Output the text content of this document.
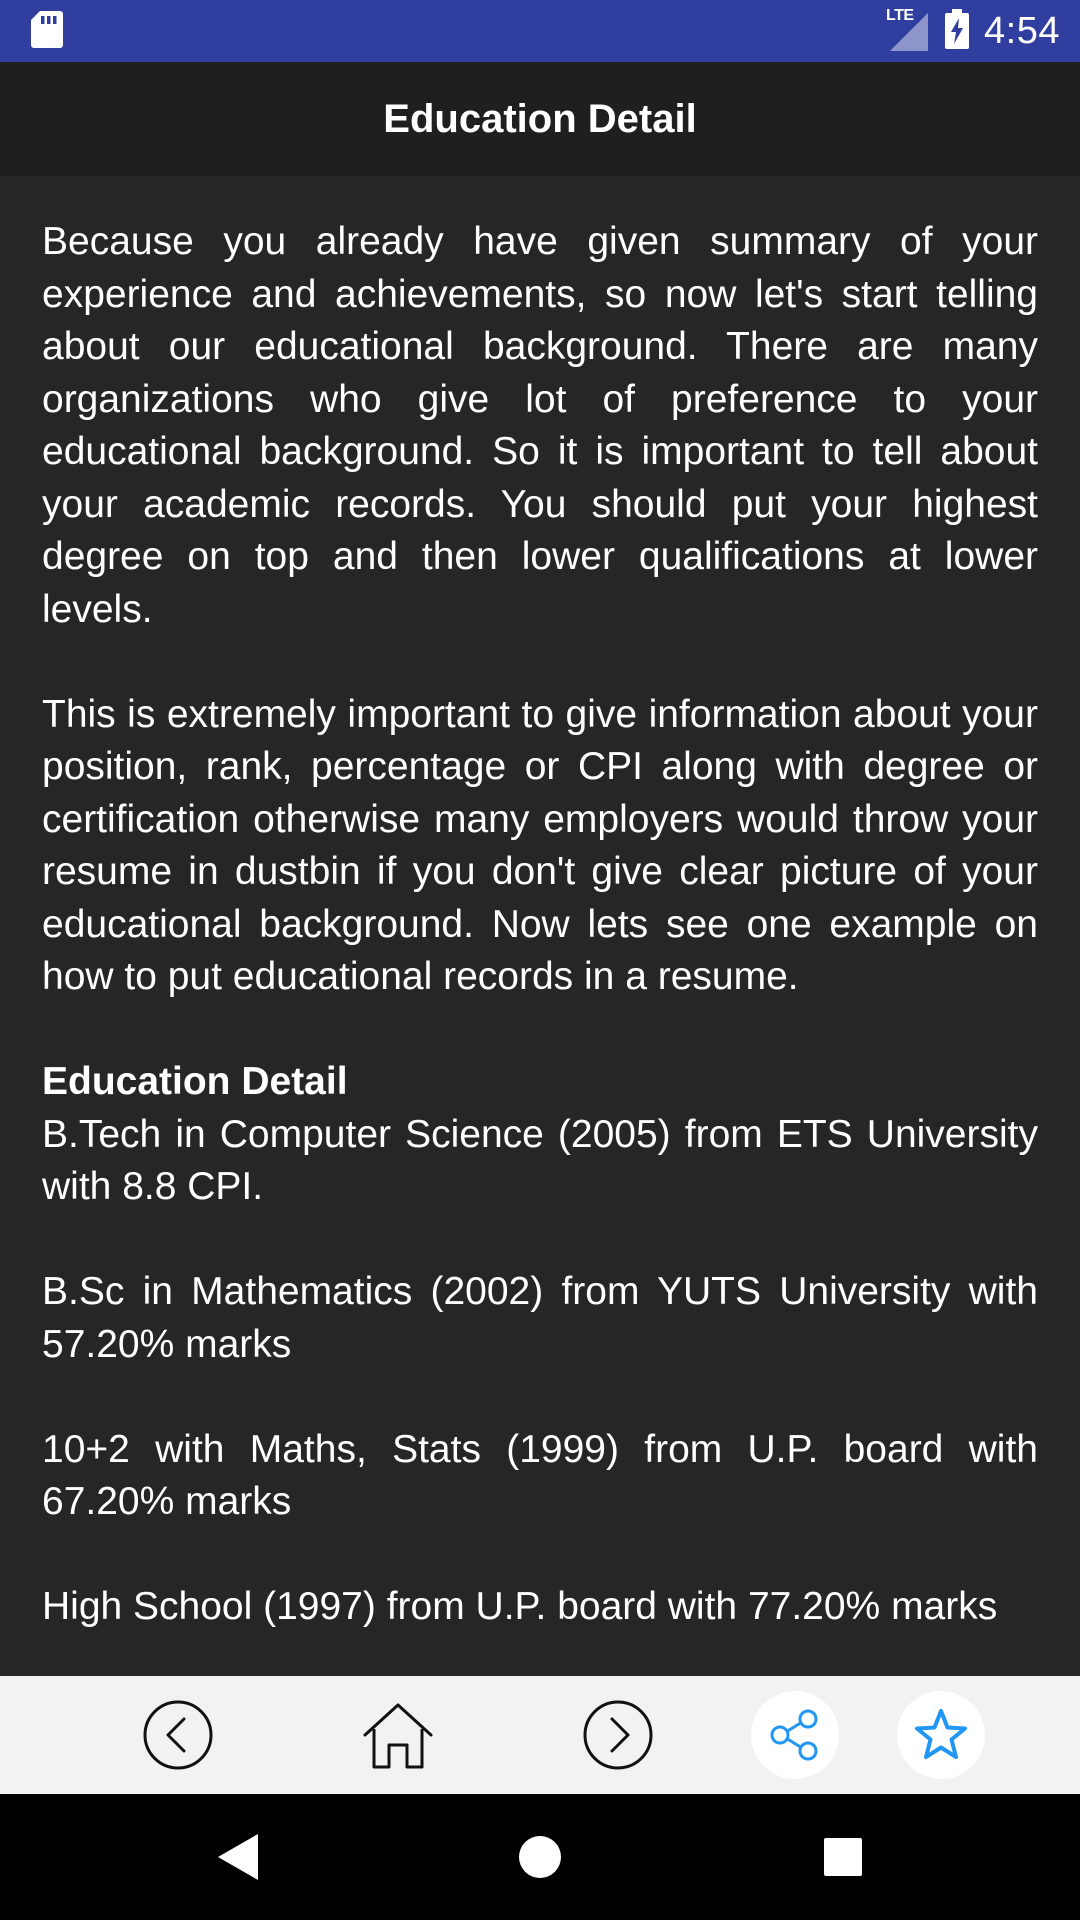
LTE 4:54
Education Detail

Because you already have given summary of your experience and achievements, so now let's start telling about our educational background. There are many organizations who give lot of preference to your educational background. So it is important to tell about your academic records. You should put your highest degree on top and then lower qualifications at lower levels.

This is extremely important to give information about your position, rank, percentage or CPI along with degree or certification otherwise many employers would throw your resume in dustbin if you don't give clear picture of your educational background. Now lets see one example on how to put educational records in a resume.

Education Detail

B.Tech in Computer Science (2005) from ETS University with 8.8 CPI.

B.Sc in Mathematics (2002) from YUTS University with 57.20% marks

10+2 with Maths, Stats (1999) from U.P. board with 67.20% marks

High School (1997) from U.P. board with 77.20% marks
